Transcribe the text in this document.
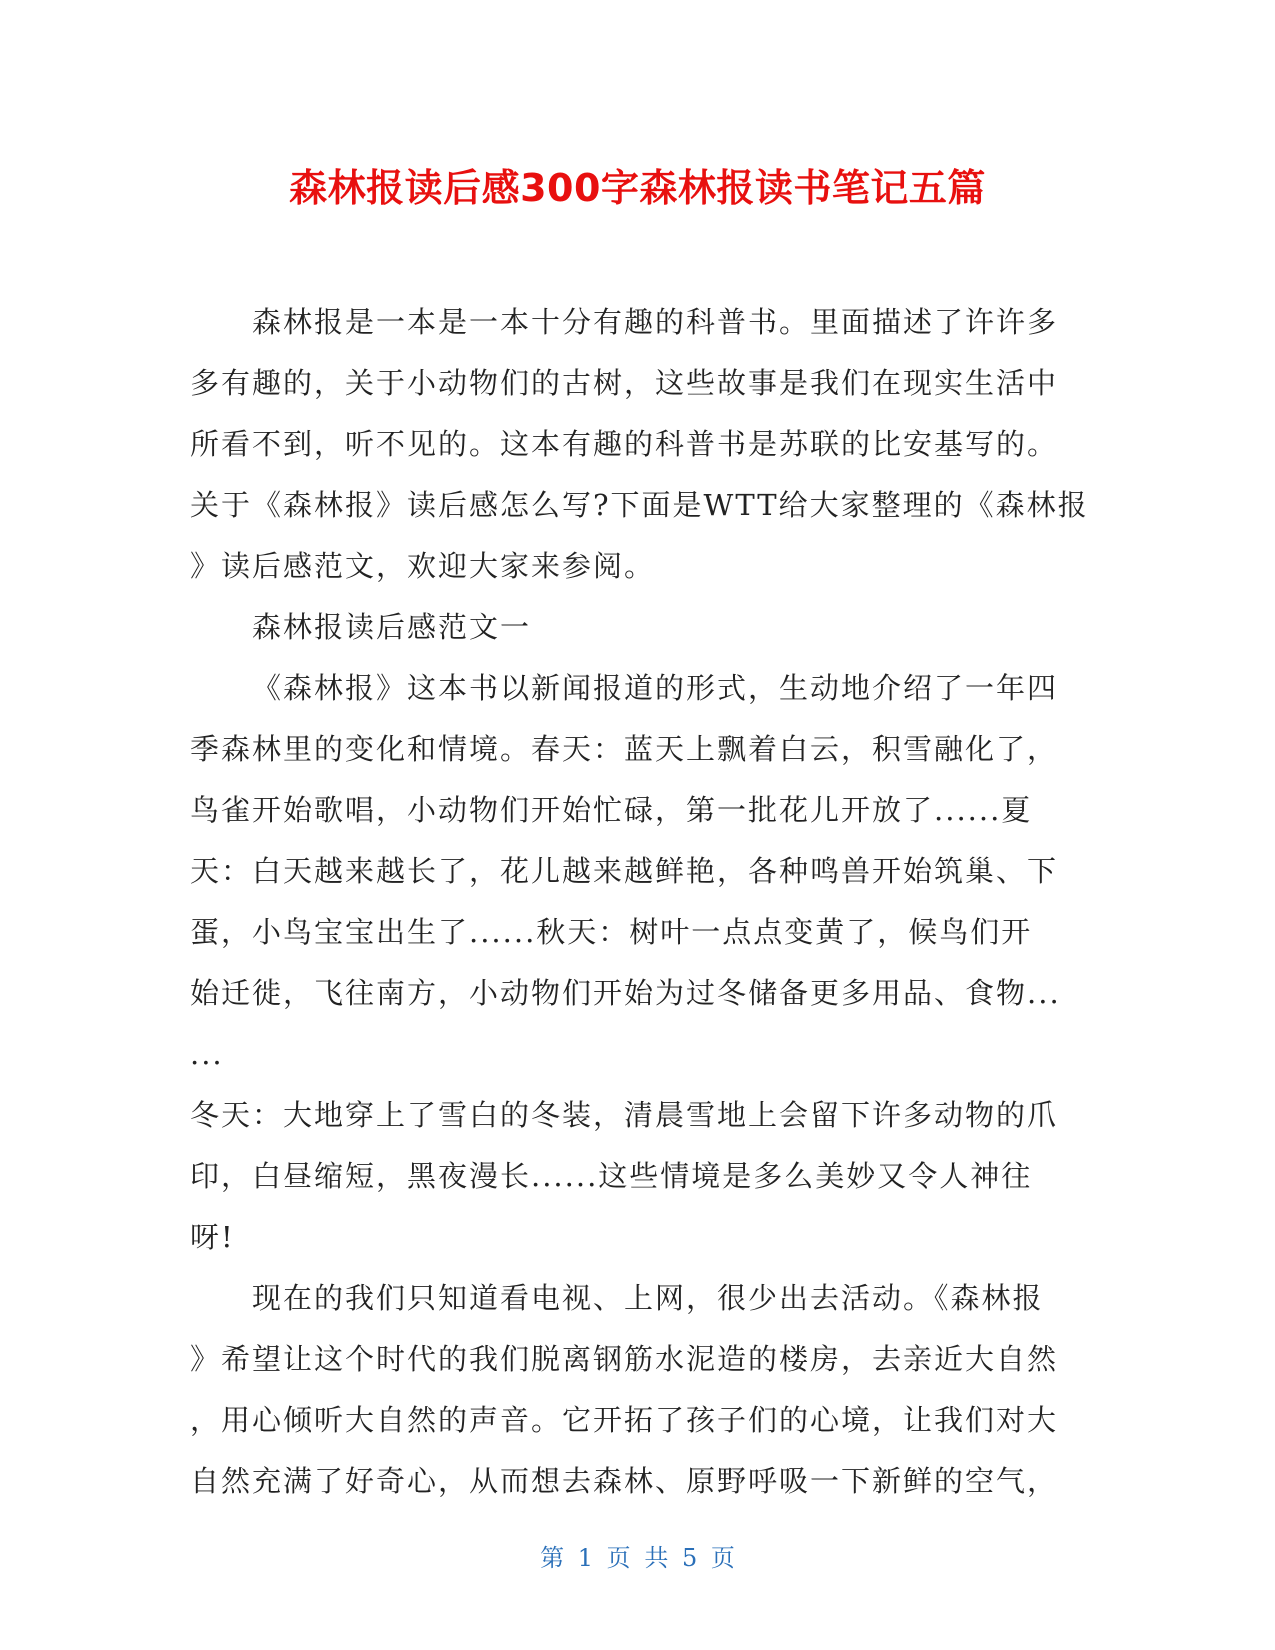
森林报读后感300字森林报读书笔记五篇
森林报是一本是一本十分有趣的科普书。里面描述了许许多
多有趣的，关于小动物们的古树，这些故事是我们在现实生活中
所看不到，听不见的。这本有趣的科普书是苏联的比安基写的。
关于《森林报》读后感怎么写?下面是WTT给大家整理的《森林报
》读后感范文，欢迎大家来参阅。
森林报读后感范文一
《森林报》这本书以新闻报道的形式，生动地介绍了一年四
季森林里的变化和情境。春天：蓝天上飘着白云，积雪融化了，
鸟雀开始歌唱，小动物们开始忙碌，第一批花儿开放了......夏
天：白天越来越长了，花儿越来越鲜艳，各种鸣兽开始筑巢、下
蛋，小鸟宝宝出生了......秋天：树叶一点点变黄了，候鸟们开
始迁徙，飞往南方，小动物们开始为过冬储备更多用品、食物...
...
冬天：大地穿上了雪白的冬装，清晨雪地上会留下许多动物的爪
印，白昼缩短，黑夜漫长......这些情境是多么美妙又令人神往
呀!
现在的我们只知道看电视、上网，很少出去活动。《森林报
》希望让这个时代的我们脱离钢筋水泥造的楼房，去亲近大自然
，用心倾听大自然的声音。它开拓了孩子们的心境，让我们对大
自然充满了好奇心，从而想去森林、原野呼吸一下新鲜的空气，
第 1 页 共 5 页
